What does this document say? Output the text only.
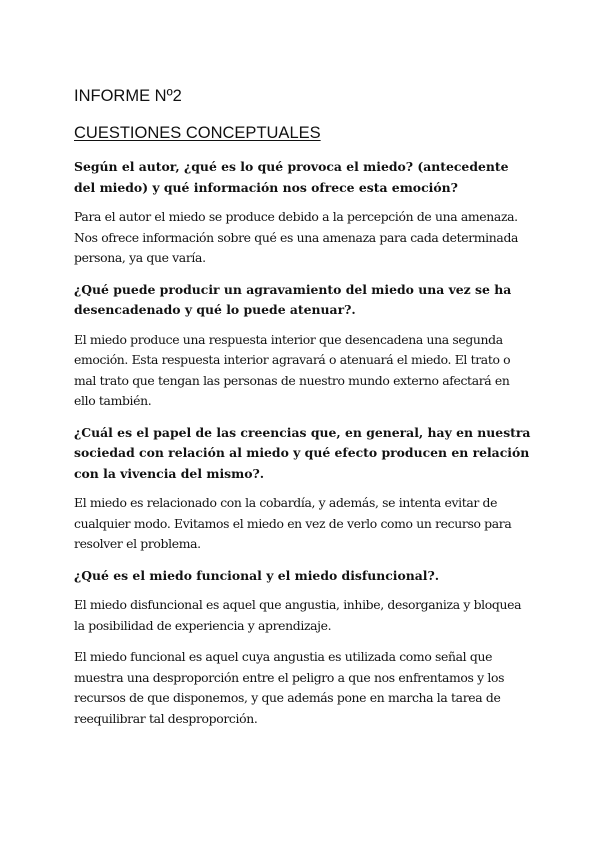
INFORME Nº2
CUESTIONES CONCEPTUALES

Según el autor, ¿qué es lo qué provoca el miedo? (antecedente del miedo) y qué información nos ofrece esta emoción?

Para el autor el miedo se produce debido a la percepción de una amenaza. Nos ofrece información sobre qué es una amenaza para cada determinada persona, ya que varía.

¿Qué puede producir un agravamiento del miedo una vez se ha desencadenado y qué lo puede atenuar?.

El miedo produce una respuesta interior que desencadena una segunda emoción. Esta respuesta interior agravará o atenuará el miedo. El trato o mal trato que tengan las personas de nuestro mundo externo afectará en ello también.

¿Cuál es el papel de las creencias que, en general, hay en nuestra sociedad con relación al miedo y qué efecto producen en relación con la vivencia del mismo?.

El miedo es relacionado con la cobardía, y además, se intenta evitar de cualquier modo. Evitamos el miedo en vez de verlo como un recurso para resolver el problema.

¿Qué es el miedo funcional y el miedo disfuncional?.

El miedo disfuncional es aquel que angustia, inhibe, desorganiza y bloquea la posibilidad de experiencia y aprendizaje.

El miedo funcional es aquel cuya angustia es utilizada como señal que muestra una desproporción entre el peligro a que nos enfrentamos y los recursos de que disponemos, y que además pone en marcha la tarea de reequilibrar tal desproporción.
